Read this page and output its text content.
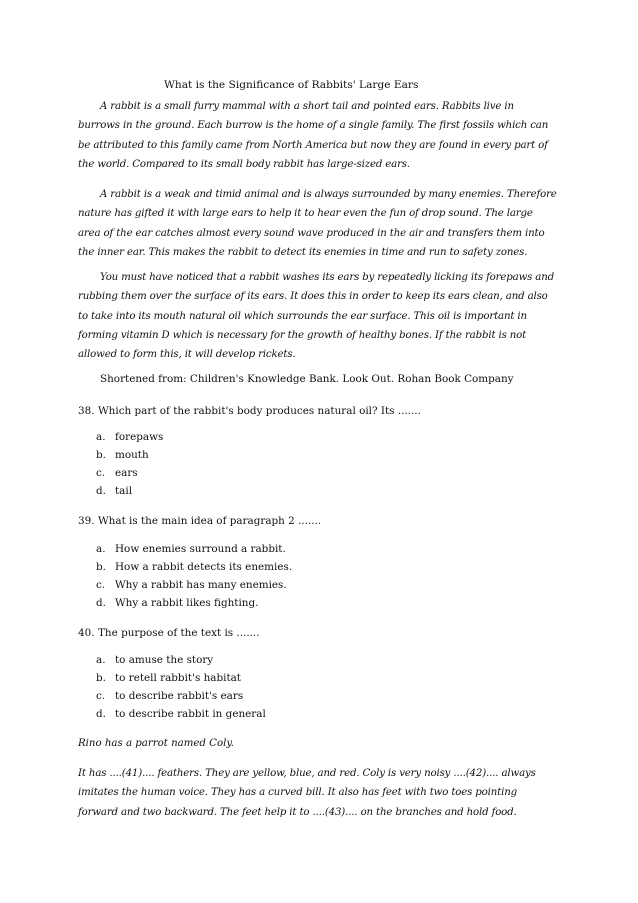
What is the Significance of Rabbits' Large Ears

A rabbit is a small furry mammal with a short tail and pointed ears. Rabbits live in burrows in the ground. Each burrow is the home of a single family. The first fossils which can be attributed to this family came from North America but now they are found in every part of the world. Compared to its small body rabbit has large-sized ears.

A rabbit is a weak and timid animal and is always surrounded by many enemies. Therefore nature has gifted it with large ears to help it to hear even the fun of drop sound. The large area of the ear catches almost every sound wave produced in the air and transfers them into the inner ear. This makes the rabbit to detect its enemies in time and run to safety zones.

You must have noticed that a rabbit washes its ears by repeatedly licking its forepaws and rubbing them over the surface of its ears. It does this in order to keep its ears clean, and also to take into its mouth natural oil which surrounds the ear surface. This oil is important in forming vitamin D which is necessary for the growth of healthy bones. If the rabbit is not allowed to form this, it will develop rickets.

Shortened from: Children's Knowledge Bank. Look Out. Rohan Book Company
38. Which part of the rabbit's body produces natural oil? Its .......
a. forepaws
b. mouth
c. ears
d. tail
39. What is the main idea of paragraph 2 .......
a. How enemies surround a rabbit.
b. How a rabbit detects its enemies.
c. Why a rabbit has many enemies.
d. Why a rabbit likes fighting.
40. The purpose of the text is .......
a. to amuse the story
b. to retell rabbit's habitat
c. to describe rabbit's ears
d. to describe rabbit in general
Rino has a parrot named Coly.

It has ....(41).... feathers. They are yellow, blue, and red. Coly is very noisy ....(42).... always imitates the human voice. They has a curved bill. It also has feet with two toes pointing forward and two backward. The feet help it to ....(43).... on the branches and hold food.
